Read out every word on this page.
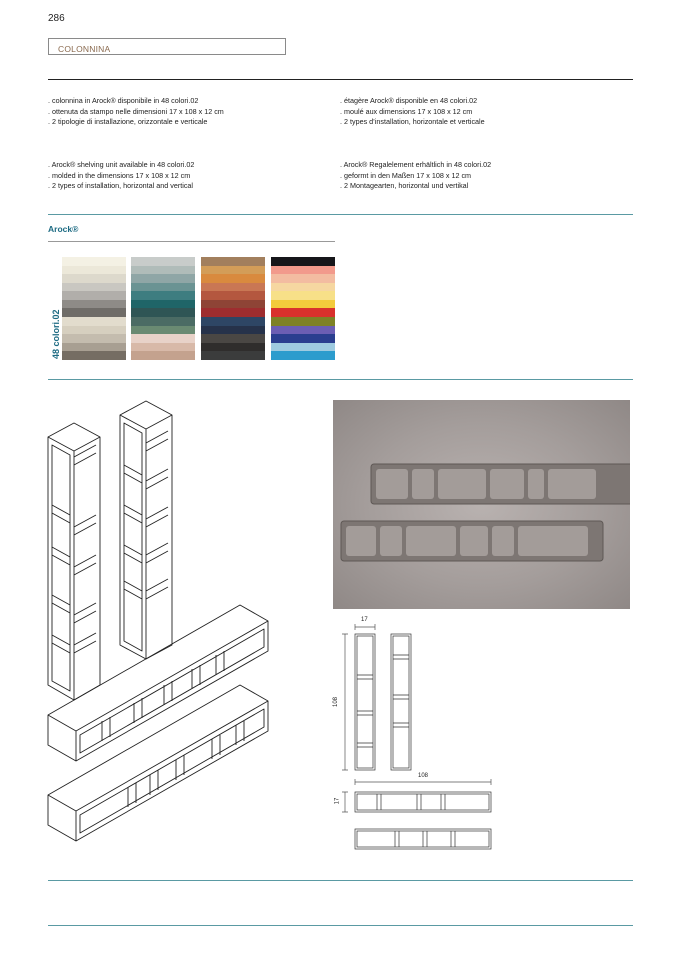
286
COLONNINA
. colonnina in Arock® disponibile in 48 colori.02
. ottenuta da stampo nelle dimensioni 17 x 108 x 12 cm
. 2 tipologie di installazione, orizzontale e verticale
. étagère Arock® disponible en 48 colori.02
. moulé aux dimensions 17 x 108 x 12 cm
. 2 types d’installation, horizontale et verticale
. Arock® shelving unit available in 48 colori.02
. molded in the dimensions 17 x 108 x 12 cm
. 2 types of installation, horizontal and vertical
. Arock® Regalelement erhältlich in 48 colori.02
. geformt in den Maßen 17 x 108 x 12 cm
. 2 Montagearten, horizontal und vertikal
Arock®
48 colori.02
17
108
108
17
